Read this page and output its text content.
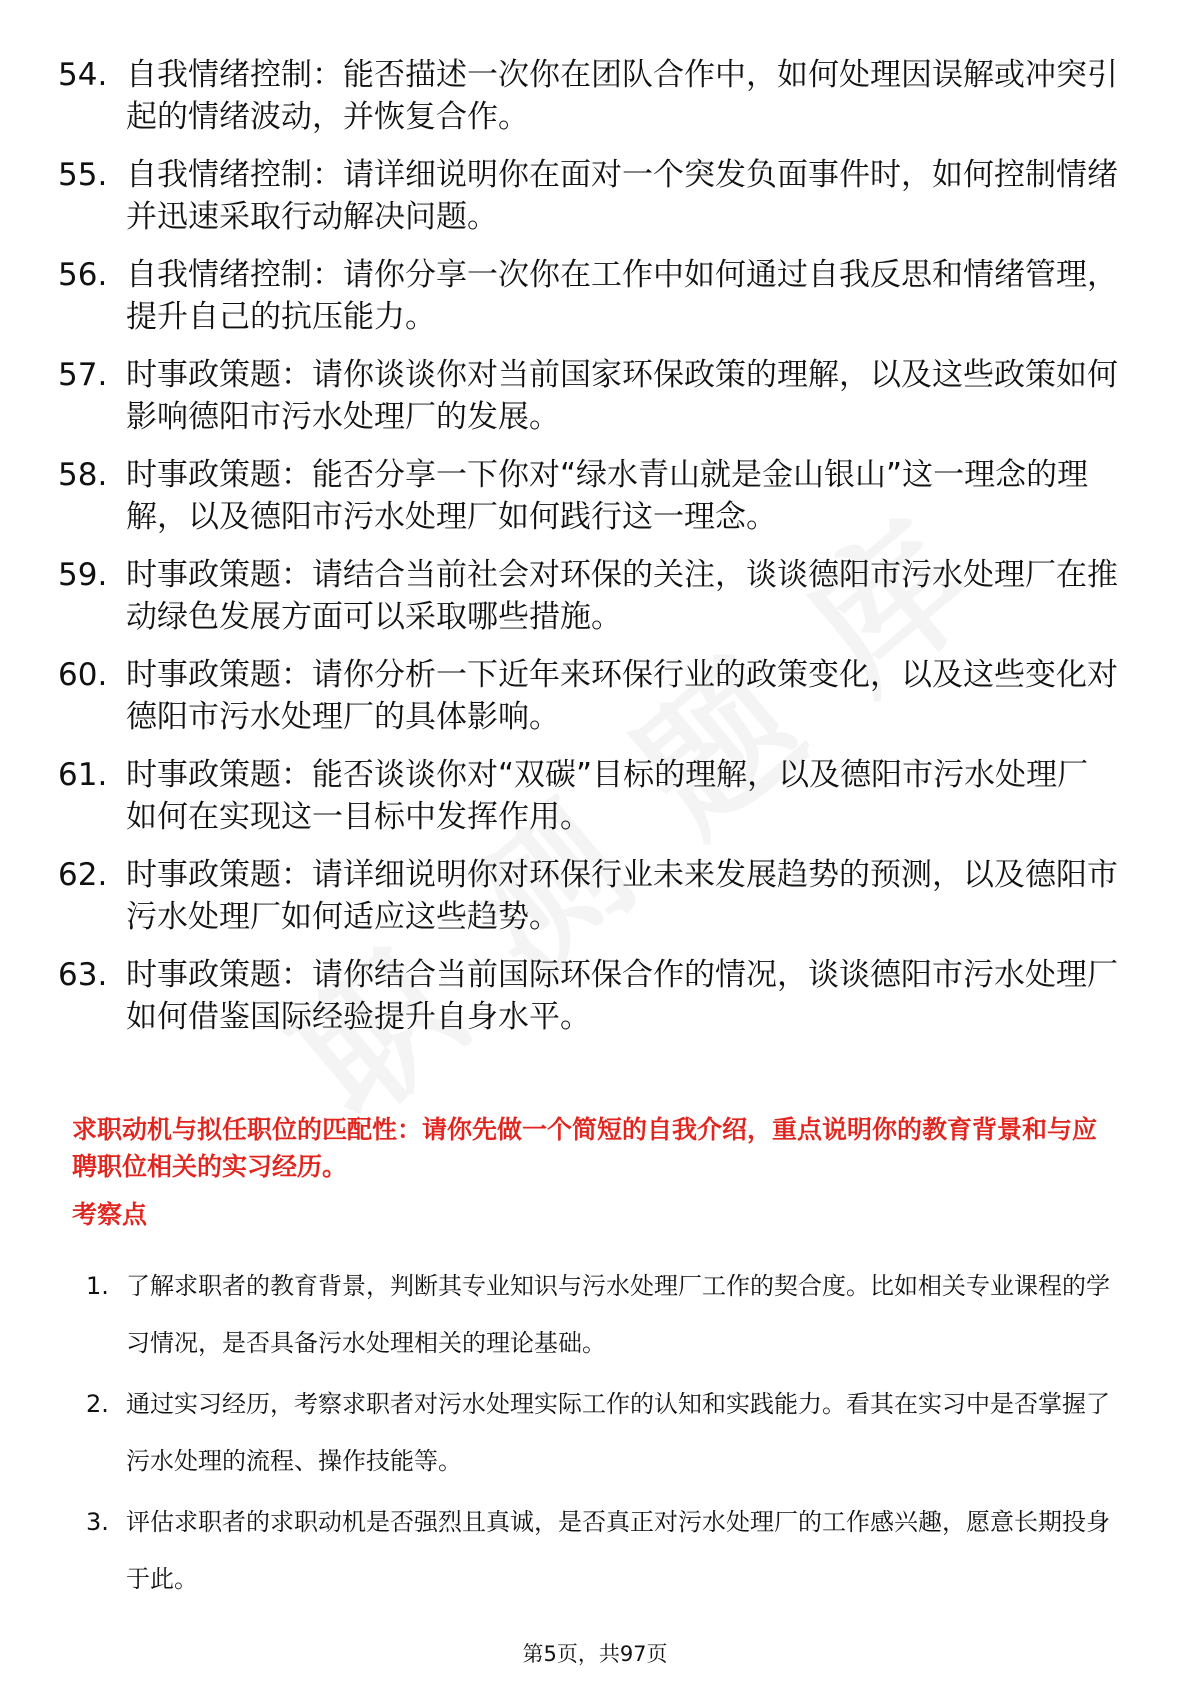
54. 自我情绪控制：能否描述一次你在团队合作中，如何处理因误解或冲突引起的情绪波动，并恢复合作。
55. 自我情绪控制：请详细说明你在面对一个突发负面事件时，如何控制情绪并迅速采取行动解决问题。
56. 自我情绪控制：请你分享一次你在工作中如何通过自我反思和情绪管理，提升自己的抗压能力。
57. 时事政策题：请你谈谈你对当前国家环保政策的理解，以及这些政策如何影响德阳市污水处理厂的发展。
58. 时事政策题：能否分享一下你对“绿水青山就是金山银山”这一理念的理解，以及德阳市污水处理厂如何践行这一理念。
59. 时事政策题：请结合当前社会对环保的关注，谈谈德阳市污水处理厂在推动绿色发展方面可以采取哪些措施。
60. 时事政策题：请你分析一下近年来环保行业的政策变化，以及这些变化对德阳市污水处理厂的具体影响。
61. 时事政策题：能否谈谈你对“双碳”目标的理解，以及德阳市污水处理厂如何在实现这一目标中发挥作用。
62. 时事政策题：请详细说明你对环保行业未来发展趋势的预测，以及德阳市污水处理厂如何适应这些趋势。
63. 时事政策题：请你结合当前国际环保合作的情况，谈谈德阳市污水处理厂如何借鉴国际经验提升自身水平。
求职动机与拟任职位的匹配性：请你先做一个简短的自我介绍，重点说明你的教育背景和与应聘职位相关的实习经历。
考察点
1. 了解求职者的教育背景，判断其专业知识与污水处理厂工作的契合度。比如相关专业课程的学习情况，是否具备污水处理相关的理论基础。
2. 通过实习经历，考察求职者对污水处理实际工作的认知和实践能力。看其在实习中是否掌握了污水处理的流程、操作技能等。
3. 评估求职者的求职动机是否强烈且真诚，是否真正对污水处理厂的工作感兴趣，愿意长期投身于此。
第5页，共97页
